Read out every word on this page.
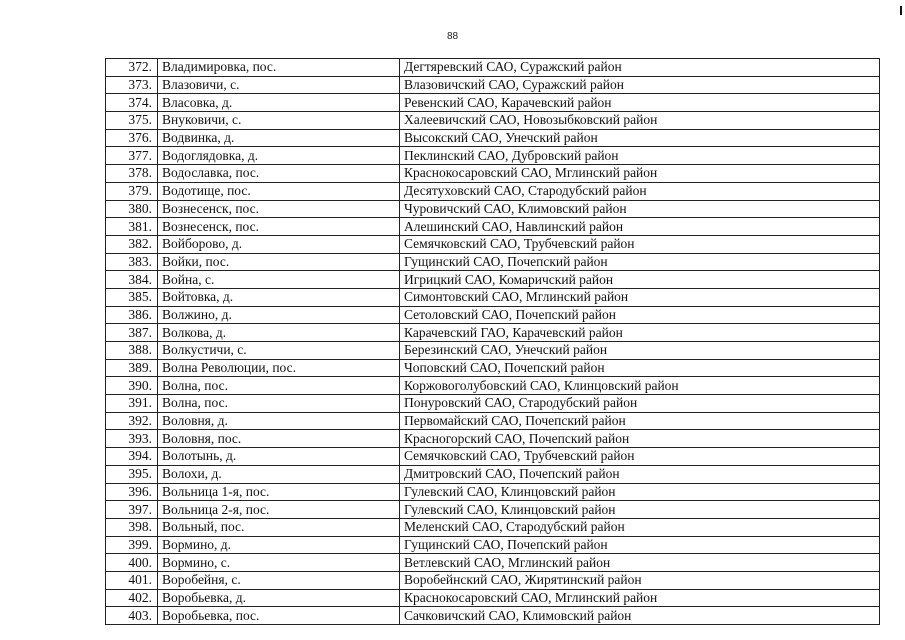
88
372.	Владимировка, пос.	Дегтяревский САО, Суражский район
373.	Влазовичи, с.	Влазовичский САО, Суражский район
374.	Власовка, д.	Ревенский САО, Карачевский район
375.	Внуковичи, с.	Халеевичский САО, Новозыбковский район
376.	Водвинка, д.	Высокский САО, Унечский район
377.	Водоглядовка, д.	Пеклинский САО, Дубровский район
378.	Водославка, пос.	Краснокосаровский САО, Мглинский район
379.	Водотище, пос.	Десятуховский САО, Стародубский район
380.	Вознесенск, пос.	Чуровичский САО, Климовский район
381.	Вознесенск, пос.	Алешинский САО, Навлинский район
382.	Войборово, д.	Семячковский САО, Трубчевский район
383.	Войки, пос.	Гущинский САО, Почепский район
384.	Война, с.	Игрицкий САО, Комаричский район
385.	Войтовка, д.	Симонтовский САО, Мглинский район
386.	Волжино, д.	Сетоловский САО, Почепский район
387.	Волкова, д.	Карачевский ГАО, Карачевский район
388.	Волкустичи, с.	Березинский САО, Унечский район
389.	Волна Революции, пос.	Чоповский САО, Почепский район
390.	Волна, пос.	Коржовоголубовский САО, Клинцовский район
391.	Волна, пос.	Понуровский САО, Стародубский район
392.	Воловня, д.	Первомайский САО, Почепский район
393.	Воловня, пос.	Красногорский САО, Почепский район
394.	Волотынь, д.	Семячковский САО, Трубчевский район
395.	Волохи, д.	Дмитровский САО, Почепский район
396.	Вольница 1-я, пос.	Гулевский САО, Клинцовский район
397.	Вольница 2-я, пос.	Гулевский САО, Клинцовский район
398.	Вольный, пос.	Меленский САО, Стародубский район
399.	Вормино, д.	Гущинский САО, Почепский район
400.	Вормино, с.	Ветлевский САО, Мглинский район
401.	Воробейня, с.	Воробейнский САО, Жирятинский район
402.	Воробьевка, д.	Краснокосаровский САО, Мглинский район
403.	Воробьевка, пос.	Сачковичский САО, Климовский район
